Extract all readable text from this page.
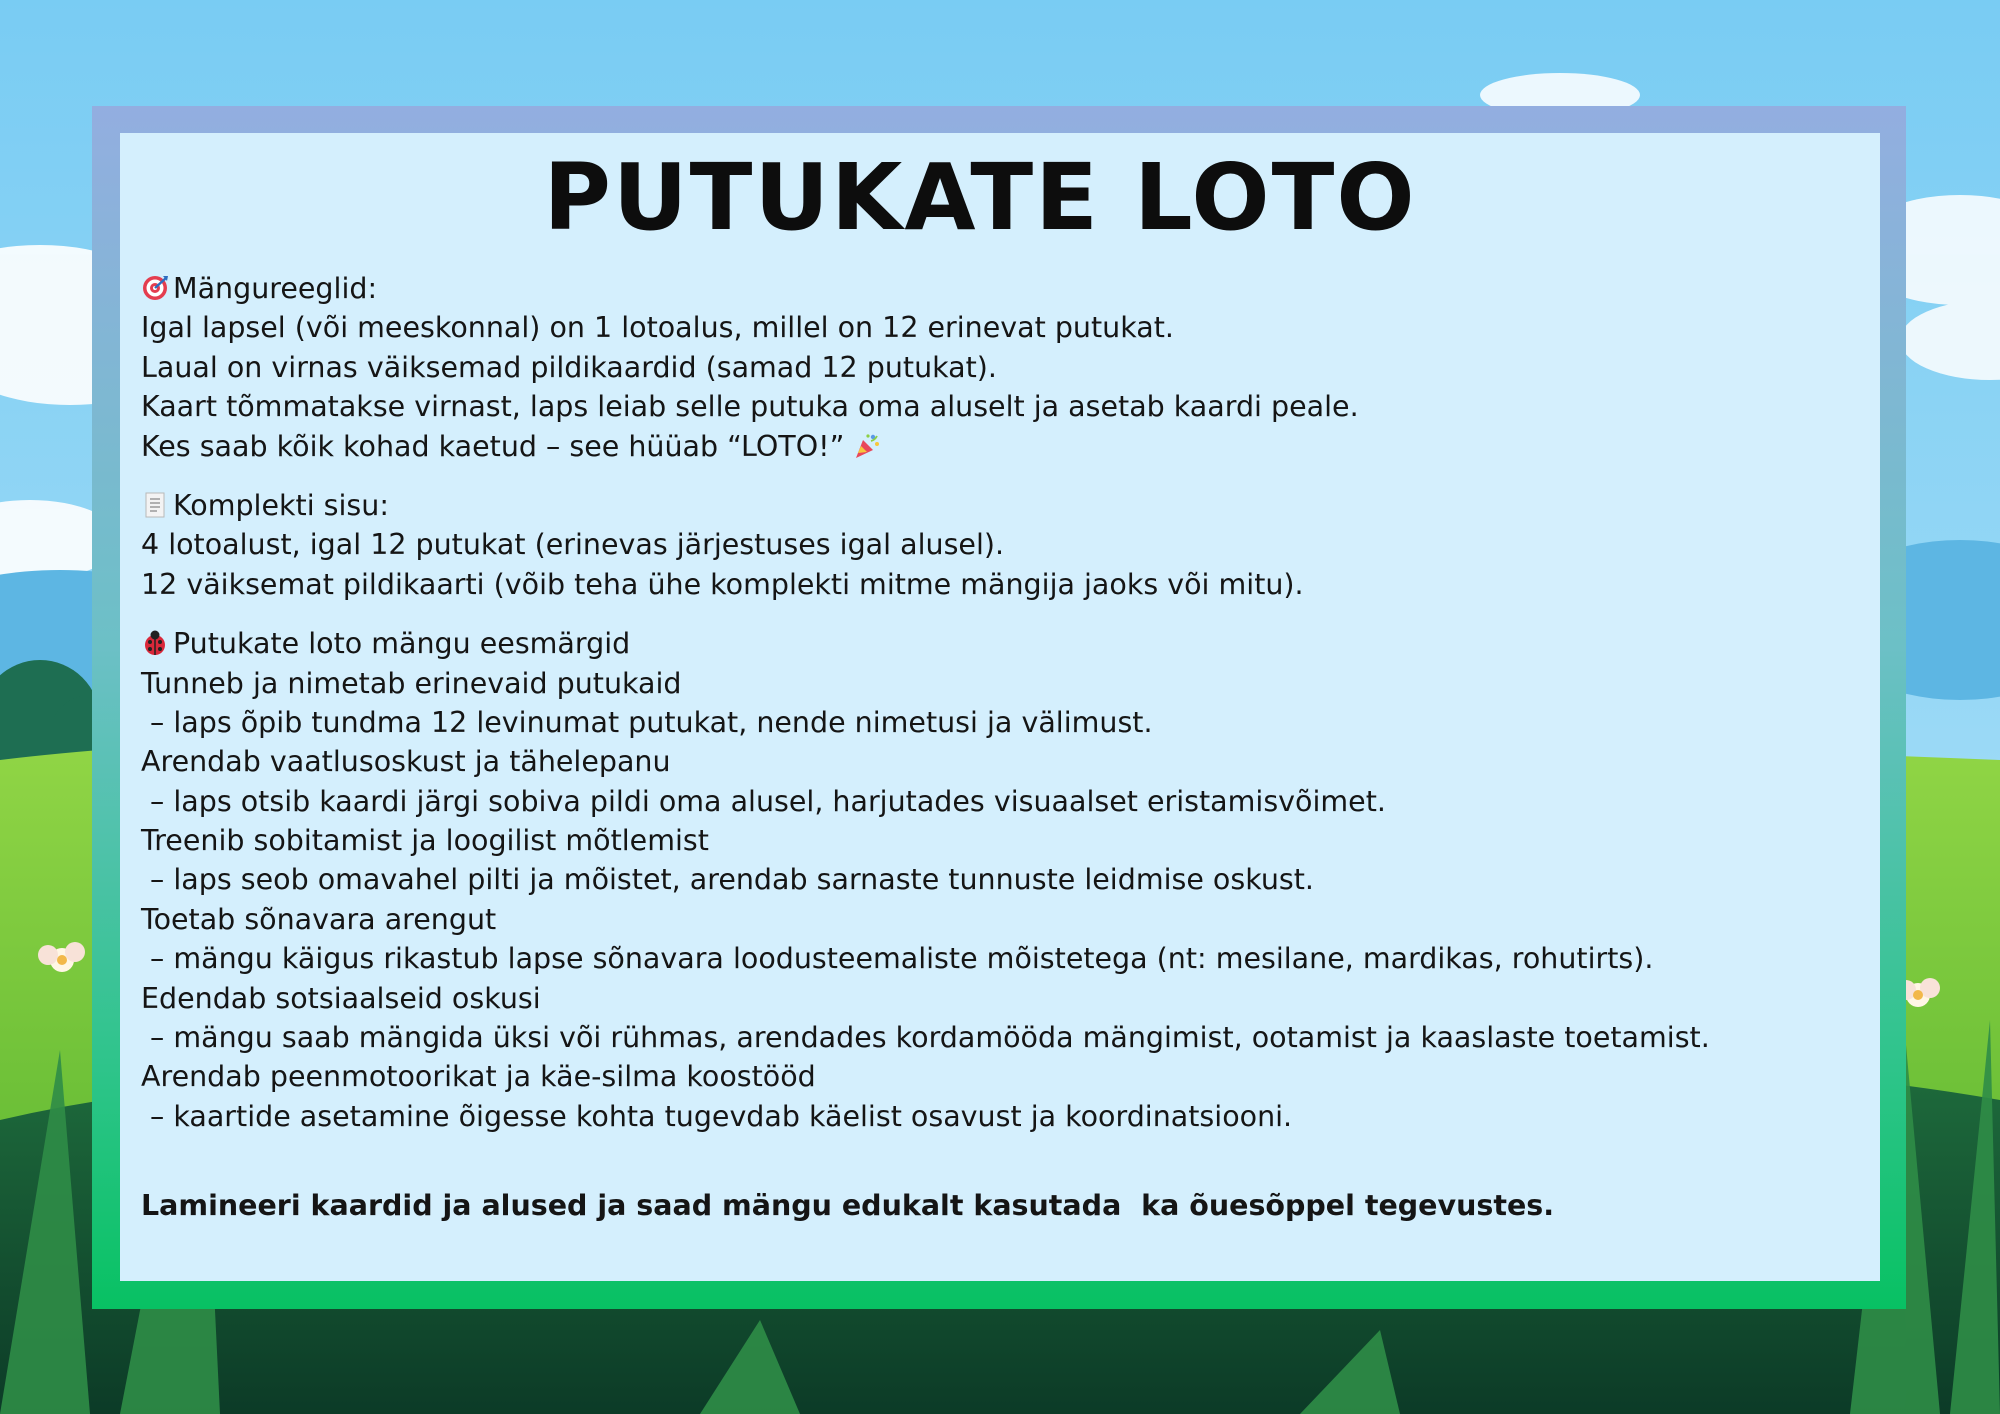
PUTUKATE LOTO
Mängureeglid:
Igal lapsel (või meeskonnal) on 1 lotoalus, millel on 12 erinevat putukat.
Laual on virnas väiksemad pildikaardid (samad 12 putukat).
Kaart tõmmatakse virnast, laps leiab selle putuka oma aluselt ja asetab kaardi peale.
Kes saab kõik kohad kaetud – see hüüab “LOTO!”
Komplekti sisu:
4 lotoalust, igal 12 putukat (erinevas järjestuses igal alusel).
12 väiksemat pildikaarti (võib teha ühe komplekti mitme mängija jaoks või mitu).
Putukate loto mängu eesmärgid
Tunneb ja nimetab erinevaid putukaid
– laps õpib tundma 12 levinumat putukat, nende nimetusi ja välimust.
Arendab vaatlusoskust ja tähelepanu
– laps otsib kaardi järgi sobiva pildi oma alusel, harjutades visuaalset eristamisvõimet.
Treenib sobitamist ja loogilist mõtlemist
– laps seob omavahel pilti ja mõistet, arendab sarnaste tunnuste leidmise oskust.
Toetab sõnavara arengut
– mängu käigus rikastub lapse sõnavara loodusteemaliste mõistetega (nt: mesilane, mardikas, rohutirts).
Edendab sotsiaalseid oskusi
– mängu saab mängida üksi või rühmas, arendades kordamööda mängimist, ootamist ja kaaslaste toetamist.
Arendab peenmotoorikat ja käe-silma koostööd
– kaartide asetamine õigesse kohta tugevdab käelist osavust ja koordinatsiooni.
Lamineeri kaardid ja alused ja saad mängu edukalt kasutada  ka õuesõppel tegevustes.
